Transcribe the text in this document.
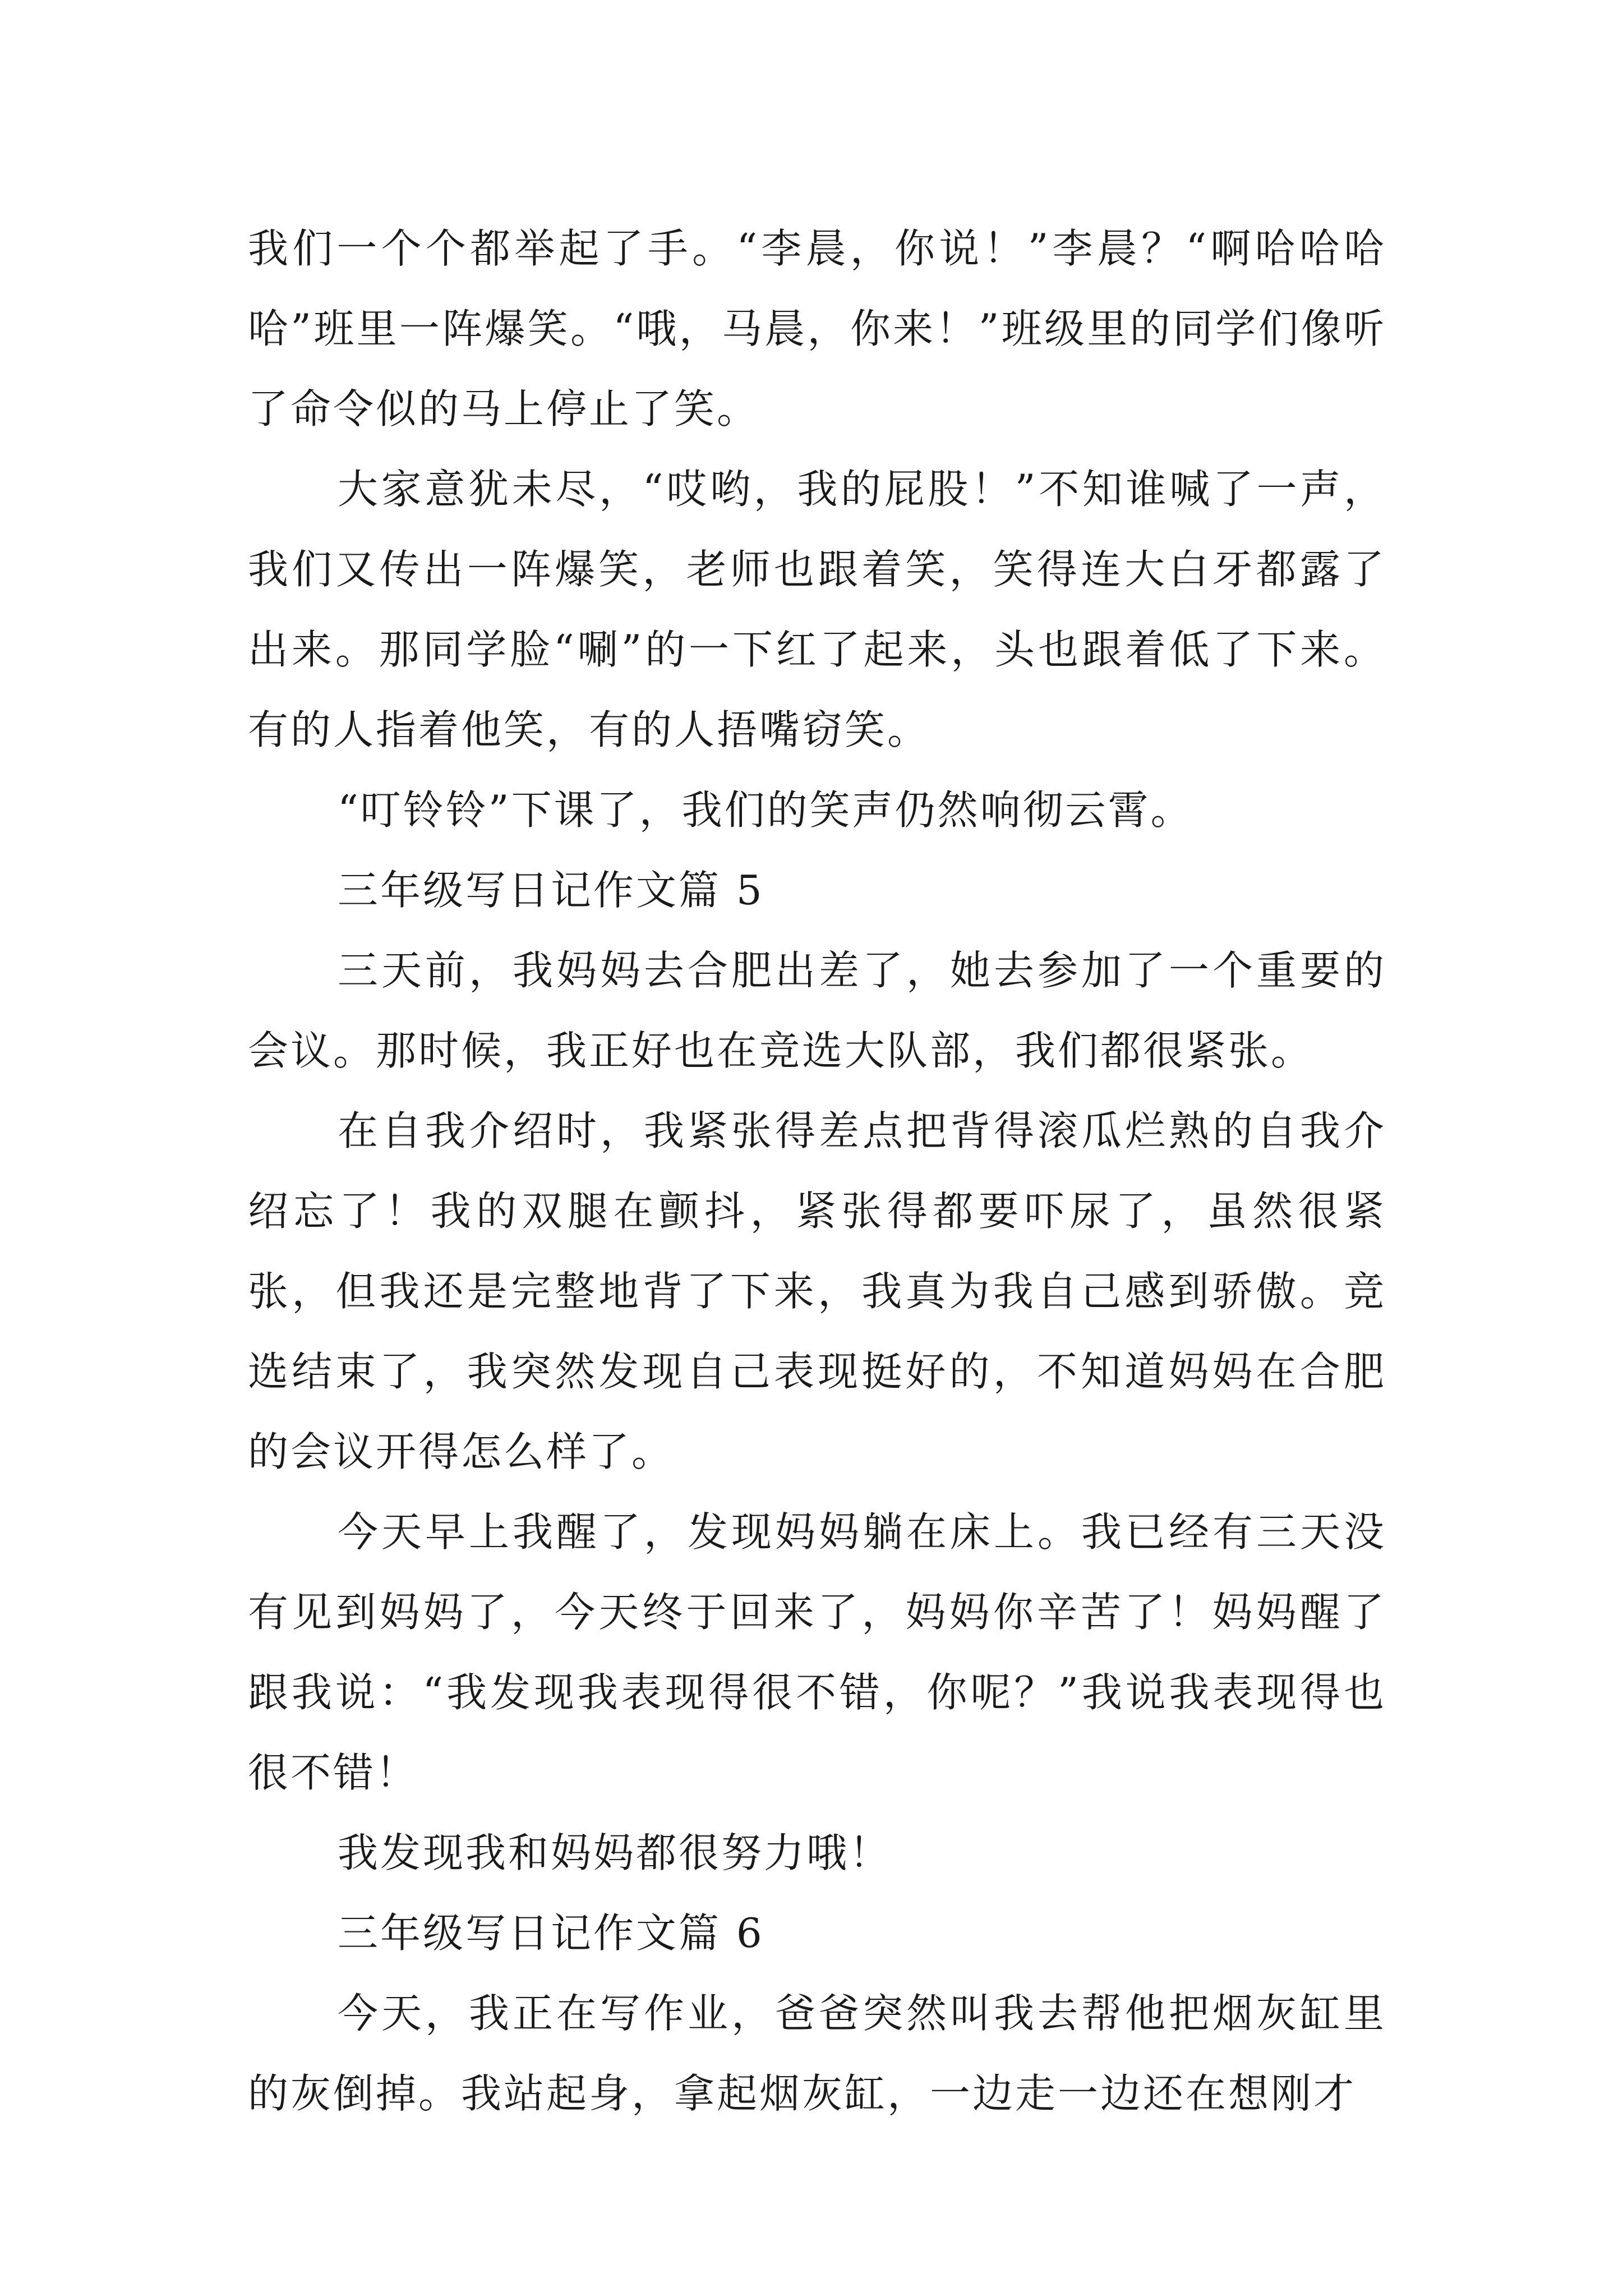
我们一个个都举起了手。“李晨，你说！”李晨？“啊哈哈哈哈”班里一阵爆笑。“哦，马晨，你来！”班级里的同学们像听了命令似的马上停止了笑。

大家意犹未尽，“哎哟，我的屁股！”不知谁喊了一声，我们又传出一阵爆笑，老师也跟着笑，笑得连大白牙都露了出来。那同学脸“唰”的一下红了起来，头也跟着低了下来。有的人指着他笑，有的人捂嘴窃笑。

“叮铃铃”下课了，我们的笑声仍然响彻云霄。

三年级写日记作文篇 5

三天前，我妈妈去合肥出差了，她去参加了一个重要的会议。那时候，我正好也在竞选大队部，我们都很紧张。

在自我介绍时，我紧张得差点把背得滚瓜烂熟的自我介绍忘了！我的双腿在颤抖，紧张得都要吓尿了，虽然很紧张，但我还是完整地背了下来，我真为我自己感到骄傲。竞选结束了，我突然发现自己表现挺好的，不知道妈妈在合肥的会议开得怎么样了。

今天早上我醒了，发现妈妈躺在床上。我已经有三天没有见到妈妈了，今天终于回来了，妈妈你辛苦了！妈妈醒了跟我说：“我发现我表现得很不错，你呢？”我说我表现得也很不错！

我发现我和妈妈都很努力哦！

三年级写日记作文篇 6

今天，我正在写作业，爸爸突然叫我去帮他把烟灰缸里的灰倒掉。我站起身，拿起烟灰缸，一边走一边还在想刚才
